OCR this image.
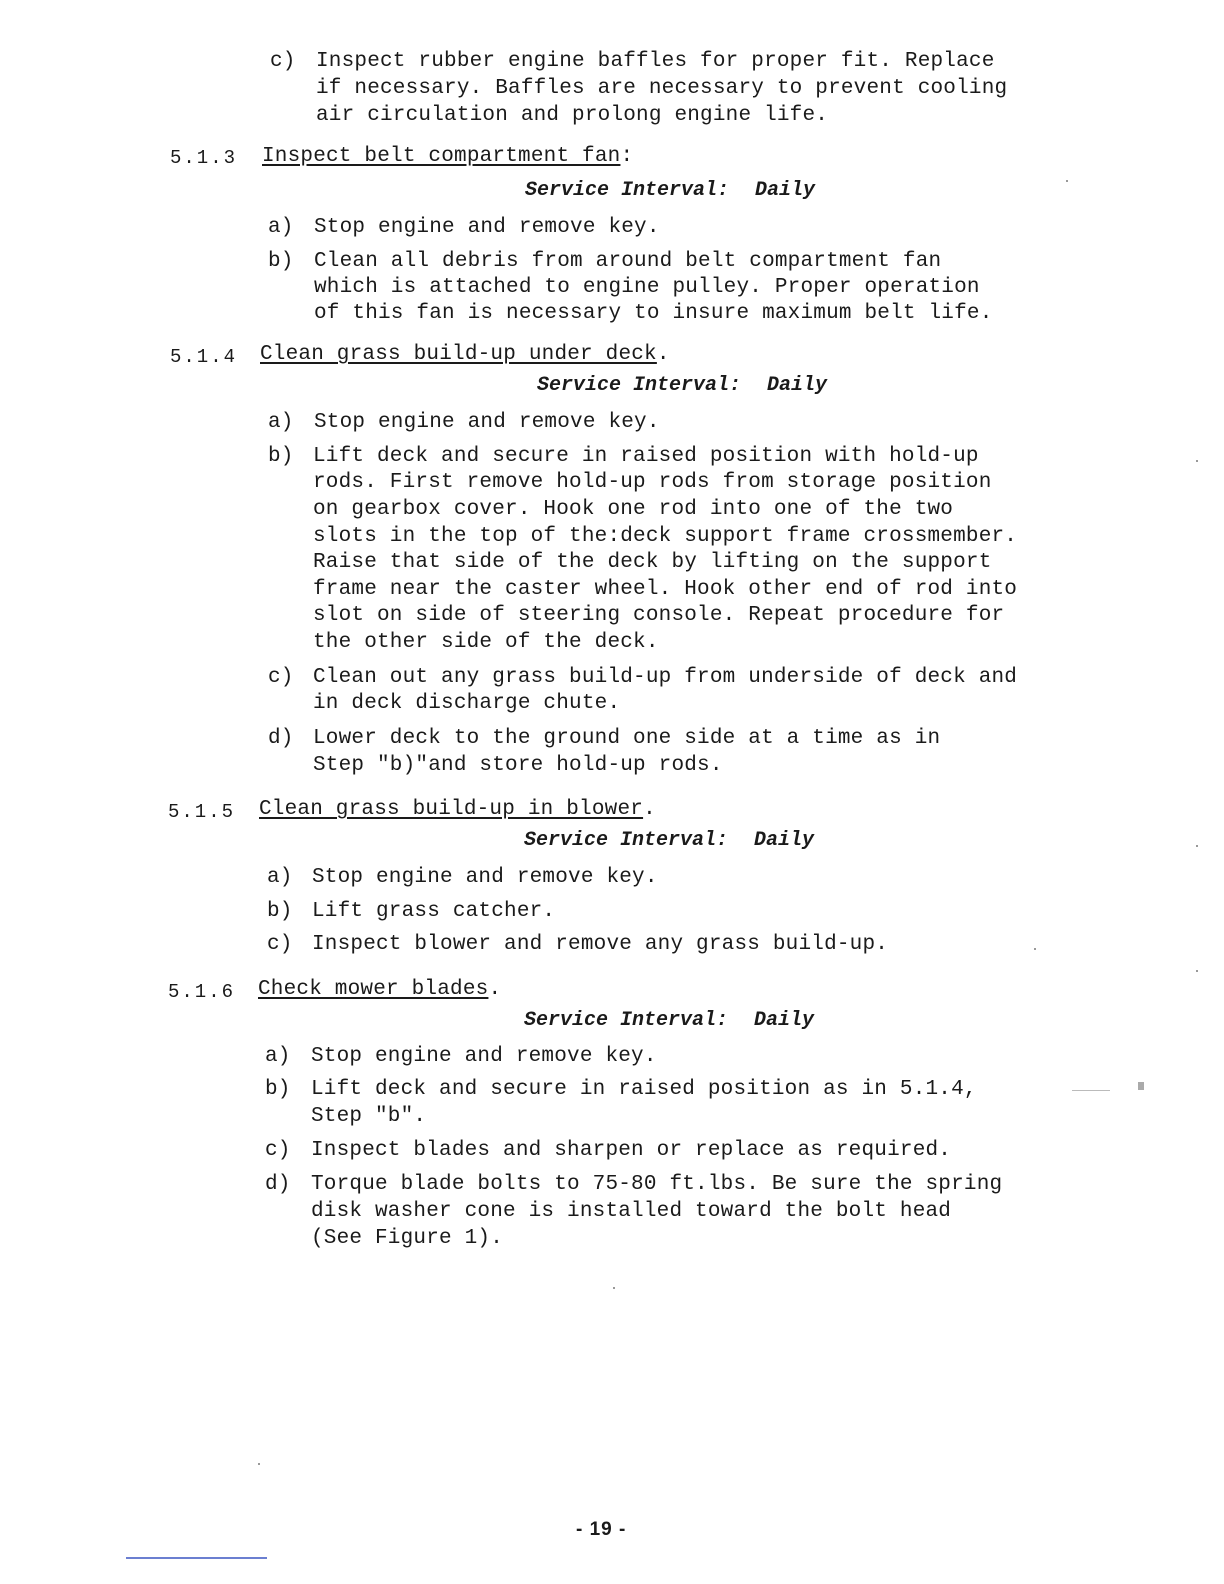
c) Inspect rubber engine baffles for proper fit. Replace
if necessary. Baffles are necessary to prevent cooling
air circulation and prolong engine life.
5.1.3 Inspect belt compartment fan:
Service Interval: Daily
a) Stop engine and remove key.
b) Clean all debris from around belt compartment fan
which is attached to engine pulley. Proper operation
of this fan is necessary to insure maximum belt life.
5.1.4 Clean grass build-up under deck.
Service Interval: Daily
a) Stop engine and remove key.
b) Lift deck and secure in raised position with hold-up
rods. First remove hold-up rods from storage position
on gearbox cover. Hook one rod into one of the two
slots in the top of the:deck support frame crossmember.
Raise that side of the deck by lifting on the support
frame near the caster wheel. Hook other end of rod into
slot on side of steering console. Repeat procedure for
the other side of the deck.
c) Clean out any grass build-up from underside of deck and
in deck discharge chute.
d) Lower deck to the ground one side at a time as in
Step "b)"and store hold-up rods.
5.1.5 Clean grass build-up in blower.
Service Interval: Daily
a) Stop engine and remove key.
b) Lift grass catcher.
c) Inspect blower and remove any grass build-up.
5.1.6 Check mower blades.
Service Interval: Daily
a) Stop engine and remove key.
b) Lift deck and secure in raised position as in 5.1.4,
Step "b".
c) Inspect blades and sharpen or replace as required.
d) Torque blade bolts to 75-80 ft.lbs. Be sure the spring
disk washer cone is installed toward the bolt head
(See Figure 1).
- 19 -
